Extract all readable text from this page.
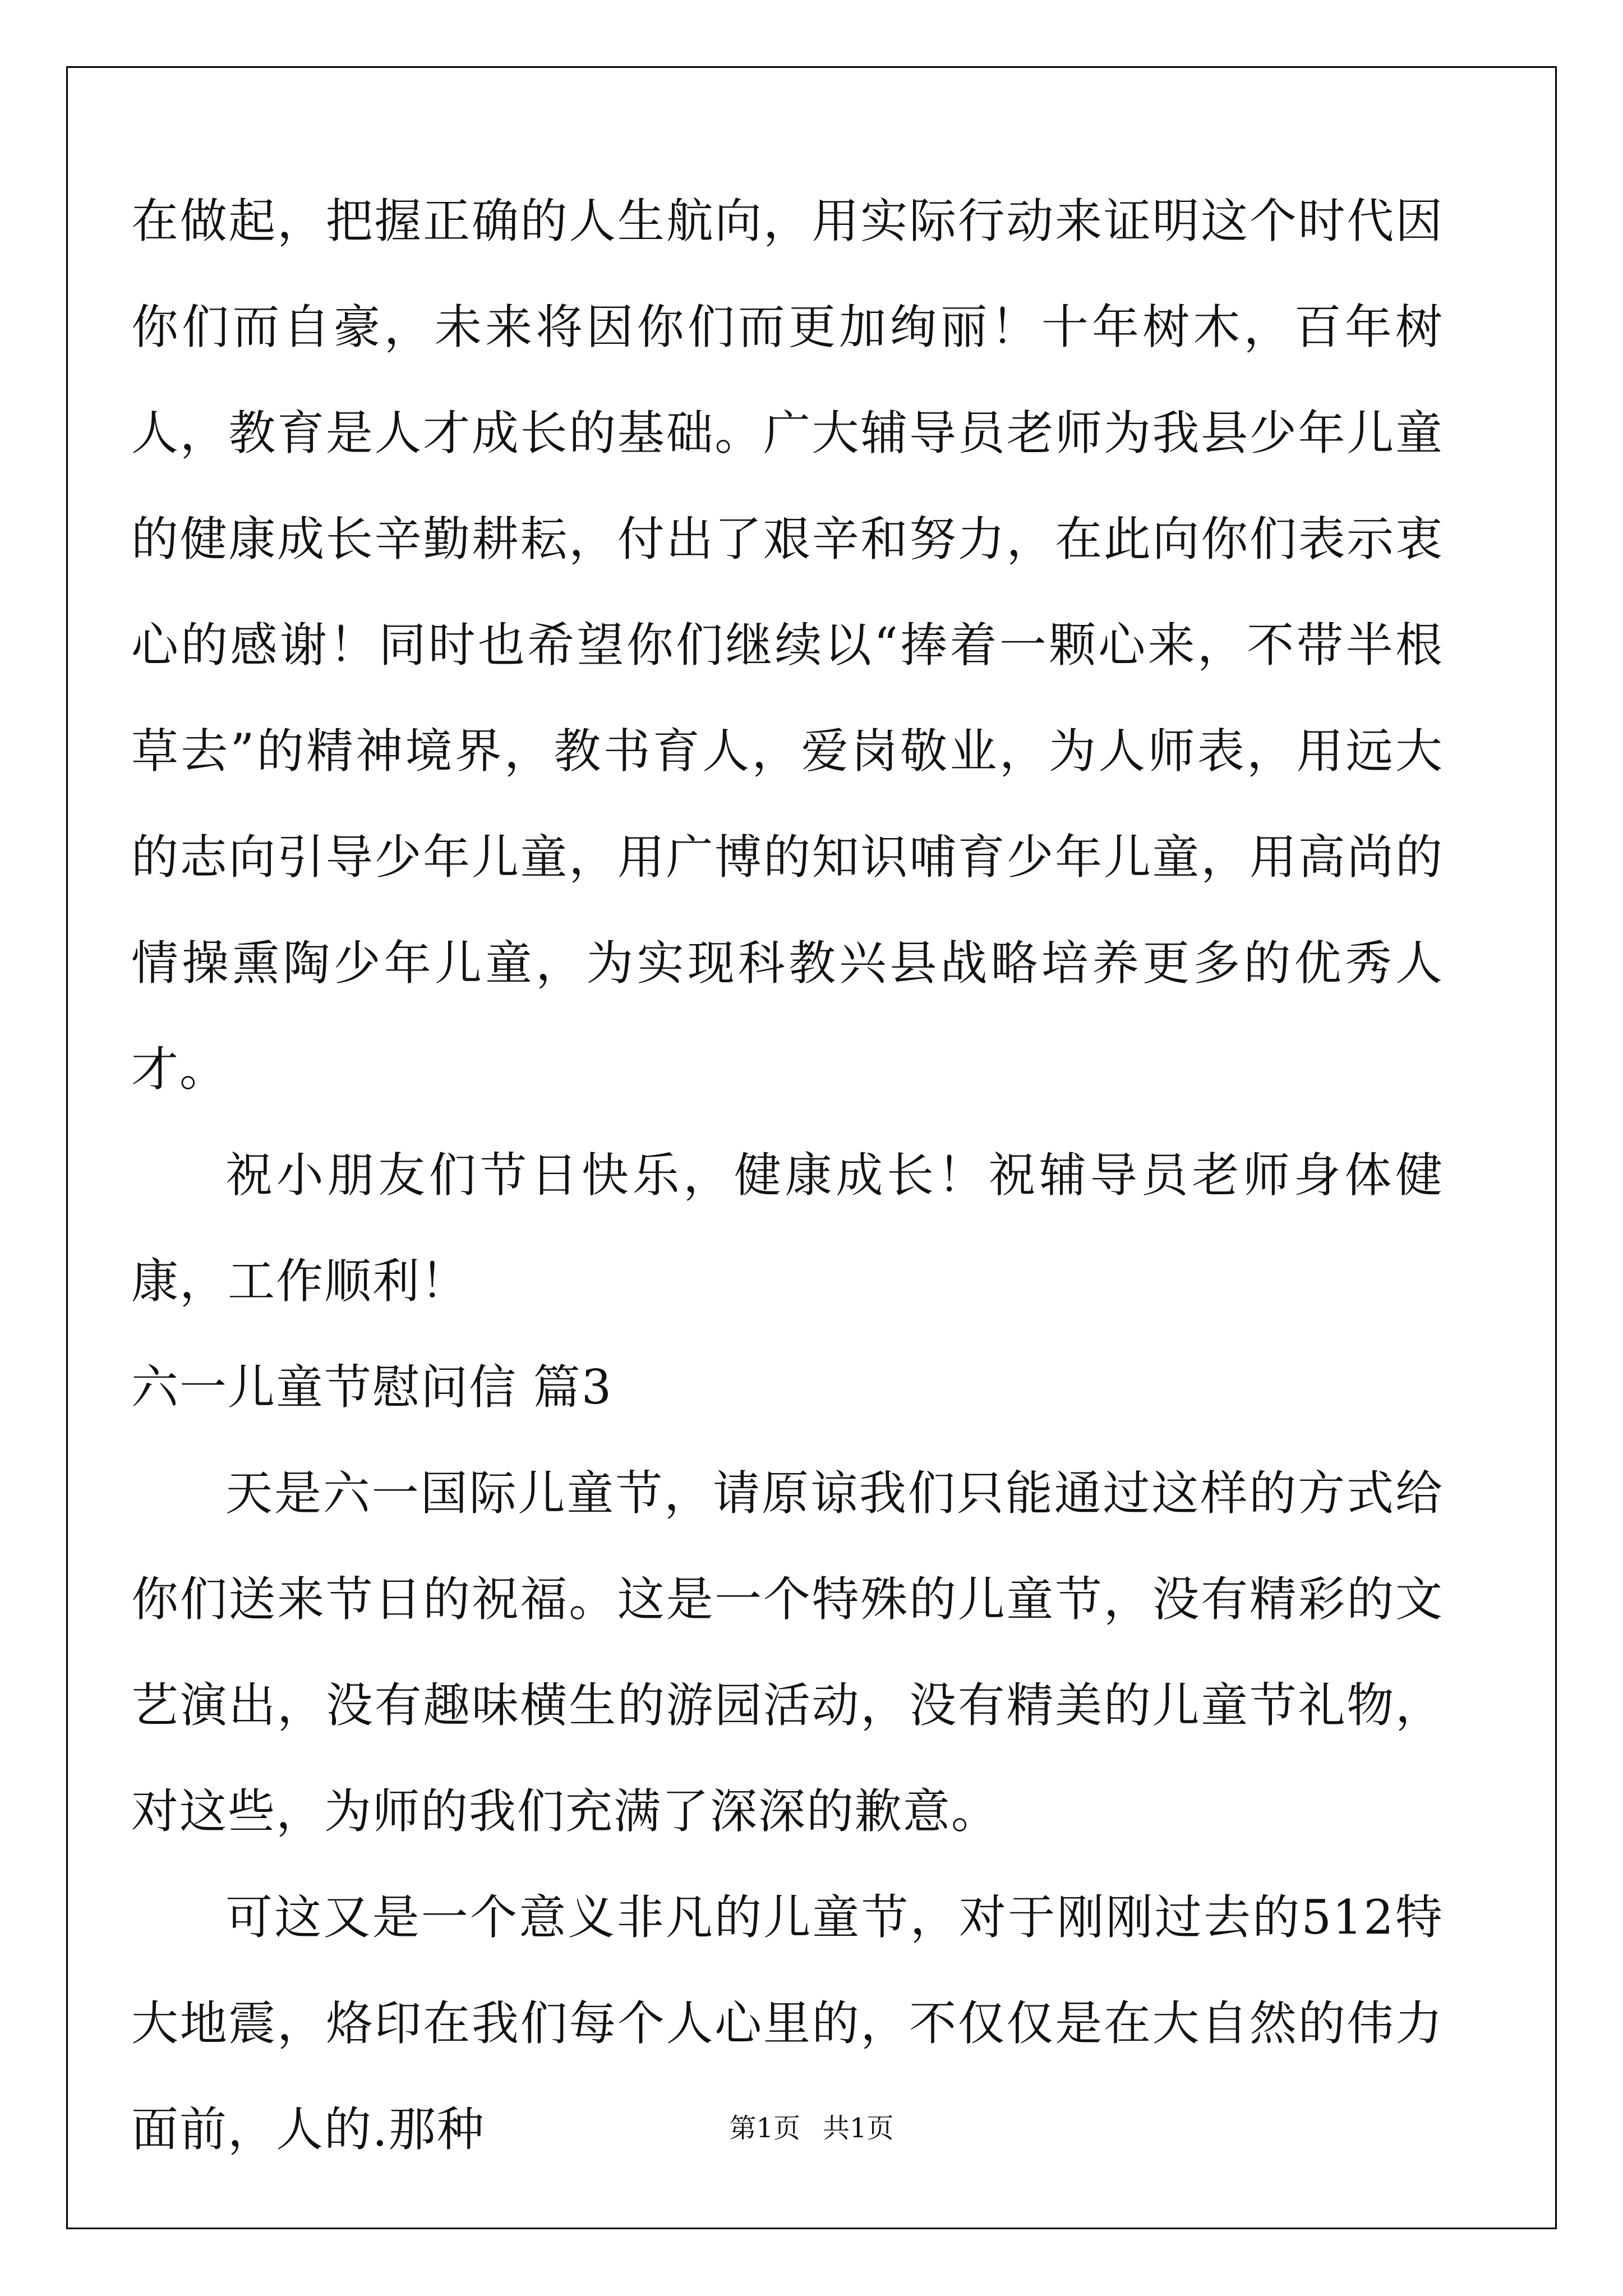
在做起，把握正确的人生航向，用实际行动来证明这个时代因你们而自豪，未来将因你们而更加绚丽！十年树木，百年树人，教育是人才成长的基础。广大辅导员老师为我县少年儿童的健康成长辛勤耕耘，付出了艰辛和努力，在此向你们表示衷心的感谢！同时也希望你们继续以“捧着一颗心来，不带半根草去”的精神境界，教书育人，爱岗敬业，为人师表，用远大的志向引导少年儿童，用广博的知识哺育少年儿童，用高尚的情操熏陶少年儿童，为实现科教兴县战略培养更多的优秀人才。

祝小朋友们节日快乐，健康成长！祝辅导员老师身体健康，工作顺利！

六一儿童节慰问信 篇3

天是六一国际儿童节，请原谅我们只能通过这样的方式给你们送来节日的祝福。这是一个特殊的儿童节，没有精彩的文艺演出，没有趣味横生的游园活动，没有精美的儿童节礼物，对这些，为师的我们充满了深深的歉意。

可这又是一个意义非凡的儿童节，对于刚刚过去的512特大地震，烙印在我们每个人心里的，不仅仅是在大自然的伟力面前，人的.那种	第1页 共1页
